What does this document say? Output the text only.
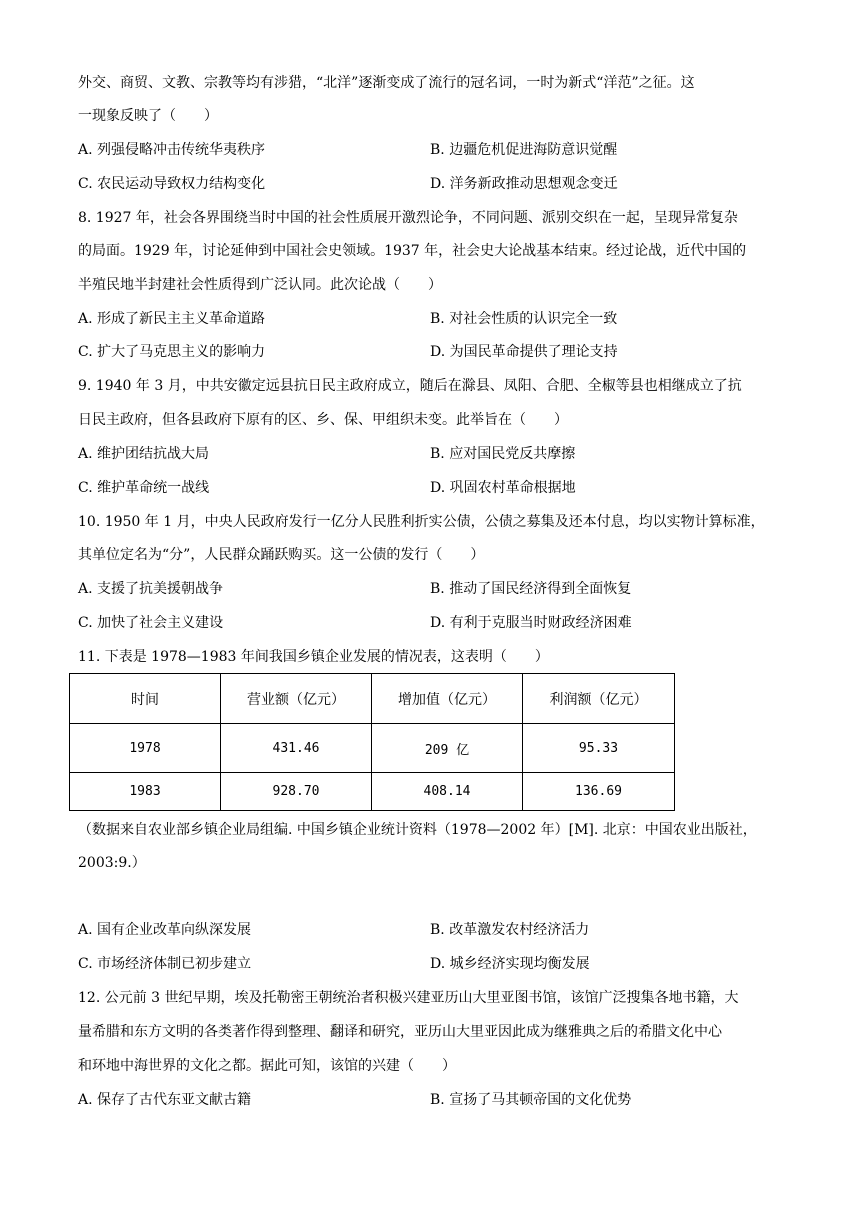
外交、商贸、文教、宗教等均有涉猎，“北洋”逐渐变成了流行的冠名词，一时为新式“洋范”之征。这
一现象反映了（　　）
A. 列强侵略冲击传统华夷秩序	B. 边疆危机促进海防意识觉醒
C. 农民运动导致权力结构变化	D. 洋务新政推动思想观念变迁
8. 1927 年，社会各界围绕当时中国的社会性质展开激烈论争，不同问题、派别交织在一起，呈现异常复杂
的局面。1929 年，讨论延伸到中国社会史领域。1937 年，社会史大论战基本结束。经过论战，近代中国的
半殖民地半封建社会性质得到广泛认同。此次论战（　　）
A. 形成了新民主主义革命道路	B. 对社会性质的认识完全一致
C. 扩大了马克思主义的影响力	D. 为国民革命提供了理论支持
9. 1940 年 3 月，中共安徽定远县抗日民主政府成立，随后在滁县、凤阳、合肥、全椒等县也相继成立了抗
日民主政府，但各县政府下原有的区、乡、保、甲组织未变。此举旨在（　　）
A. 维护团结抗战大局	B. 应对国民党反共摩擦
C. 维护革命统一战线	D. 巩固农村革命根据地
10. 1950 年 1 月，中央人民政府发行一亿分人民胜利折实公债，公债之募集及还本付息，均以实物计算标准，
其单位定名为“分”，人民群众踊跃购买。这一公债的发行（　　）
A. 支援了抗美援朝战争	B. 推动了国民经济得到全面恢复
C. 加快了社会主义建设	D. 有利于克服当时财政经济困难
11. 下表是 1978—1983 年间我国乡镇企业发展的情况表，这表明（　　）
时间	营业额（亿元）	增加值（亿元）	利润额（亿元）
1978	431.46	209 亿	95.33
1983	928.70	408.14	136.69
（数据来自农业部乡镇企业局组编. 中国乡镇企业统计资料（1978—2002 年）[M]. 北京：中国农业出版社，
2003:9.）
A. 国有企业改革向纵深发展	B. 改革激发农村经济活力
C. 市场经济体制已初步建立	D. 城乡经济实现均衡发展
12. 公元前 3 世纪早期，埃及托勒密王朝统治者积极兴建亚历山大里亚图书馆，该馆广泛搜集各地书籍，大
量希腊和东方文明的各类著作得到整理、翻译和研究，亚历山大里亚因此成为继雅典之后的希腊文化中心
和环地中海世界的文化之都。据此可知，该馆的兴建（　　）
A. 保存了古代东亚文献古籍	B. 宣扬了马其顿帝国的文化优势
